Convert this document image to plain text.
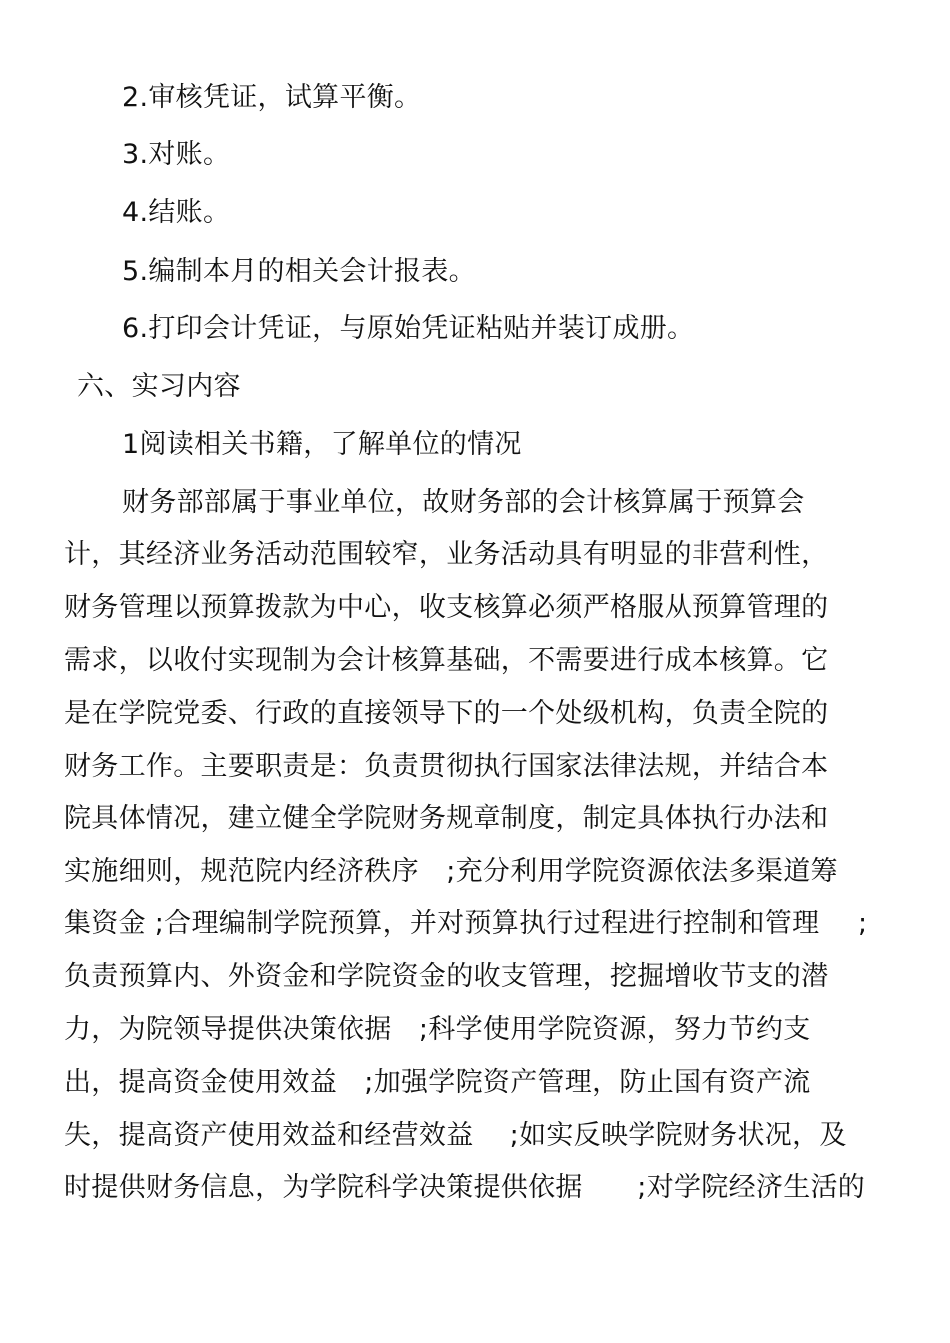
2.审核凭证，试算平衡。
3.对账。
4.结账。
5.编制本月的相关会计报表。
6.打印会计凭证，与原始凭证粘贴并装订成册。
六、实习内容
1阅读相关书籍，了解单位的情况
财务部部属于事业单位，故财务部的会计核算属于预算会
计，其经济业务活动范围较窄，业务活动具有明显的非营利性，
财务管理以预算拨款为中心，收支核算必须严格服从预算管理的
需求，以收付实现制为会计核算基础，不需要进行成本核算。它
是在学院党委、行政的直接领导下的一个处级机构，负责全院的
财务工作。主要职责是：负责贯彻执行国家法律法规，并结合本
院具体情况，建立健全学院财务规章制度，制定具体执行办法和
实施细则，规范院内经济秩序　;充分利用学院资源依法多渠道筹
集资金 ;合理编制学院预算，并对预算执行过程进行控制和管理 ;
负责预算内、外资金和学院资金的收支管理，挖掘增收节支的潜
力，为院领导提供决策依据　;科学使用学院资源，努力节约支
出，提高资金使用效益　;加强学院资产管理，防止国有资产流
失，提高资产使用效益和经营效益　 ;如实反映学院财务状况，及
时提供财务信息，为学院科学决策提供依据　　;对学院经济生活的
